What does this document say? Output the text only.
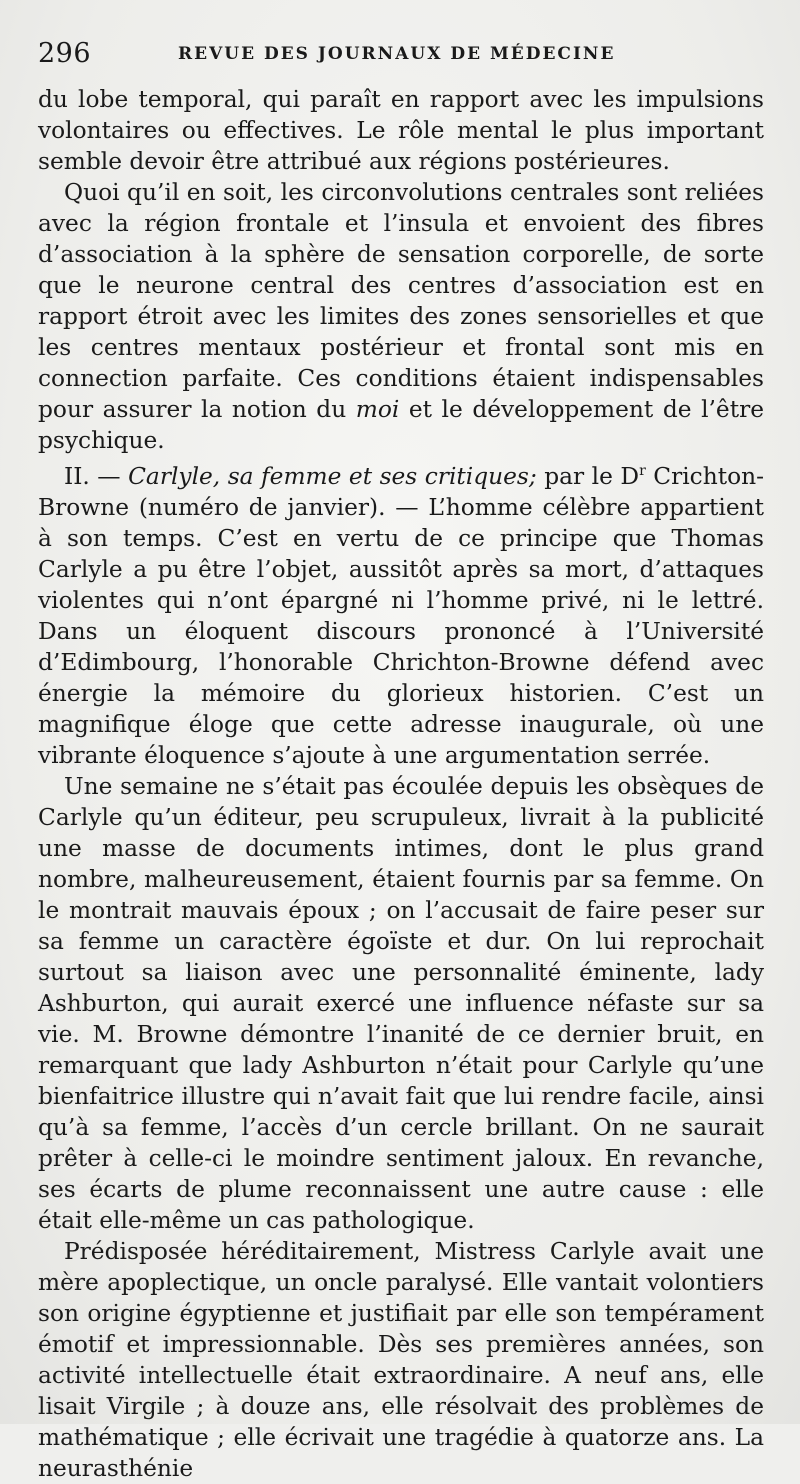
296	REVUE DES JOURNAUX DE MÉDECINE

du lobe temporal, qui paraît en rapport avec les impulsions volontaires ou effectives. Le rôle mental le plus important semble devoir être attribué aux régions postérieures.

Quoi qu’il en soit, les circonvolutions centrales sont reliées avec la région frontale et l’insula et envoient des fibres d’association à la sphère de sensation corporelle, de sorte que le neurone central des centres d’association est en rapport étroit avec les limites des zones sensorielles et que les centres mentaux postérieur et frontal sont mis en connection parfaite. Ces conditions étaient indispensables pour assurer la notion du moi et le développement de l’être psychique.

II. — Carlyle, sa femme et ses critiques; par le $D^r$ Crichton-Browne (numéro de janvier). — L’homme célèbre appartient à son temps. C’est en vertu de ce principe que Thomas Carlyle a pu être l’objet, aussitôt après sa mort, d’attaques violentes qui n’ont épargné ni l’homme privé, ni le lettré. Dans un éloquent discours prononcé à l’Université d’Edimbourg, l’honorable Chrichton-Browne défend avec énergie la mémoire du glorieux historien. C’est un magnifique éloge que cette adresse inaugurale, où une vibrante éloquence s’ajoute à une argumentation serrée.

Une semaine ne s’était pas écoulée depuis les obsèques de Carlyle qu’un éditeur, peu scrupuleux, livrait à la publicité une masse de documents intimes, dont le plus grand nombre, malheureusement, étaient fournis par sa femme. On le montrait mauvais époux ; on l’accusait de faire peser sur sa femme un caractère égoïste et dur. On lui reprochait surtout sa liaison avec une personnalité éminente, lady Ashburton, qui aurait exercé une influence néfaste sur sa vie. M. Browne démontre l’inanité de ce dernier bruit, en remarquant que lady Ashburton n’était pour Carlyle qu’une bienfaitrice illustre qui n’avait fait que lui rendre facile, ainsi qu’à sa femme, l’accès d’un cercle brillant. On ne saurait prêter à celle-ci le moindre sentiment jaloux. En revanche, ses écarts de plume reconnaissent une autre cause : elle était elle-même un cas pathologique.

Prédisposée héréditairement, Mistress Carlyle avait une mère apoplectique, un oncle paralysé. Elle vantait volontiers son origine égyptienne et justifiait par elle son tempérament émotif et impressionnable. Dès ses premières années, son activité intellectuelle était extraordinaire. A neuf ans, elle lisait Virgile ; à douze ans, elle résolvait des problèmes de mathématique ; elle écrivait une tragédie à quatorze ans. La neurasthénie
